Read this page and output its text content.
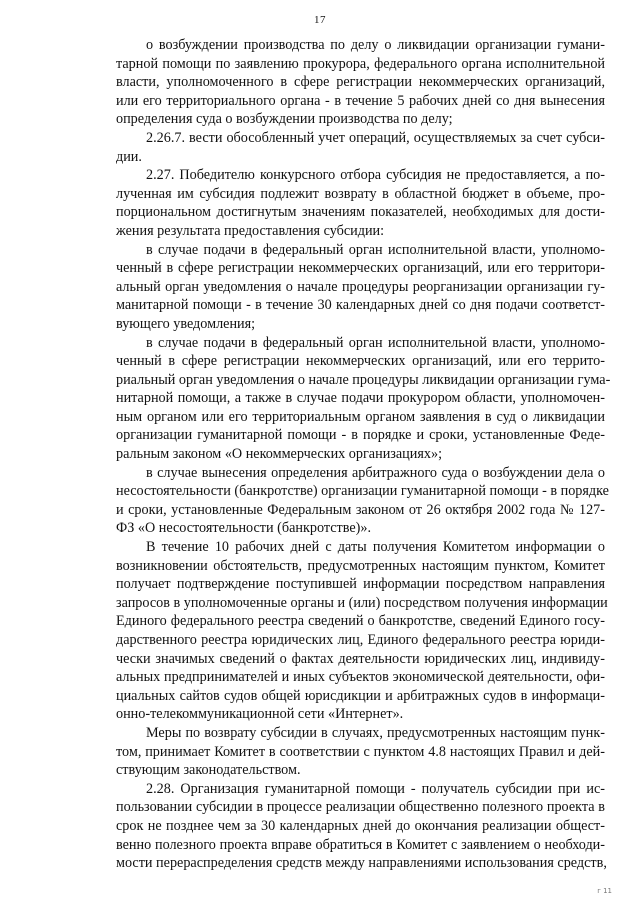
17
о возбуждении производства по делу о ликвидации организации гумани-
тарной помощи по заявлению прокурора, федерального органа исполнительной
власти, уполномоченного в сфере регистрации некоммерческих организаций,
или его территориального органа - в течение 5 рабочих дней со дня вынесения
определения суда о возбуждении производства по делу;
2.26.7. вести обособленный учет операций, осуществляемых за счет субси-
дии.
2.27. Победителю конкурсного отбора субсидия не предоставляется, а по-
лученная им субсидия подлежит возврату в областной бюджет в объеме, про-
порциональном достигнутым значениям показателей, необходимых для дости-
жения результата предоставления субсидии:
в случае подачи в федеральный орган исполнительной власти, уполномо-
ченный в сфере регистрации некоммерческих организаций, или его территори-
альный орган уведомления о начале процедуры реорганизации организации гу-
манитарной помощи - в течение 30 календарных дней со дня подачи соответст-
вующего уведомления;
в случае подачи в федеральный орган исполнительной власти, уполномо-
ченный в сфере регистрации некоммерческих организаций, или его террито-
риальный орган уведомления о начале процедуры ликвидации организации гума-
нитарной помощи, а также в случае подачи прокурором области, уполномочен-
ным органом или его территориальным органом заявления в суд о ликвидации
организации гуманитарной помощи - в порядке и сроки, установленные Феде-
ральным законом «О некоммерческих организациях»;
в случае вынесения определения арбитражного суда о возбуждении дела о
несостоятельности (банкротстве) организации гуманитарной помощи - в порядке
и сроки, установленные Федеральным законом от 26 октября 2002 года № 127-
ФЗ «О несостоятельности (банкротстве)».
В течение 10 рабочих дней с даты получения Комитетом информации о
возникновении обстоятельств, предусмотренных настоящим пунктом, Комитет
получает подтверждение поступившей информации посредством направления
запросов в уполномоченные органы и (или) посредством получения информации
Единого федерального реестра сведений о банкротстве, сведений Единого госу-
дарственного реестра юридических лиц, Единого федерального реестра юриди-
чески значимых сведений о фактах деятельности юридических лиц, индивиду-
альных предпринимателей и иных субъектов экономической деятельности, офи-
циальных сайтов судов общей юрисдикции и арбитражных судов в информаци-
онно-телекоммуникационной сети «Интернет».
Меры по возврату субсидии в случаях, предусмотренных настоящим пунк-
том, принимает Комитет в соответствии с пунктом 4.8 настоящих Правил и дей-
ствующим законодательством.
2.28. Организация гуманитарной помощи - получатель субсидии при ис-
пользовании субсидии в процессе реализации общественно полезного проекта в
срок не позднее чем за 30 календарных дней до окончания реализации общест-
венно полезного проекта вправе обратиться в Комитет с заявлением о необходи-
мости перераспределения средств между направлениями использования средств,
г 11
